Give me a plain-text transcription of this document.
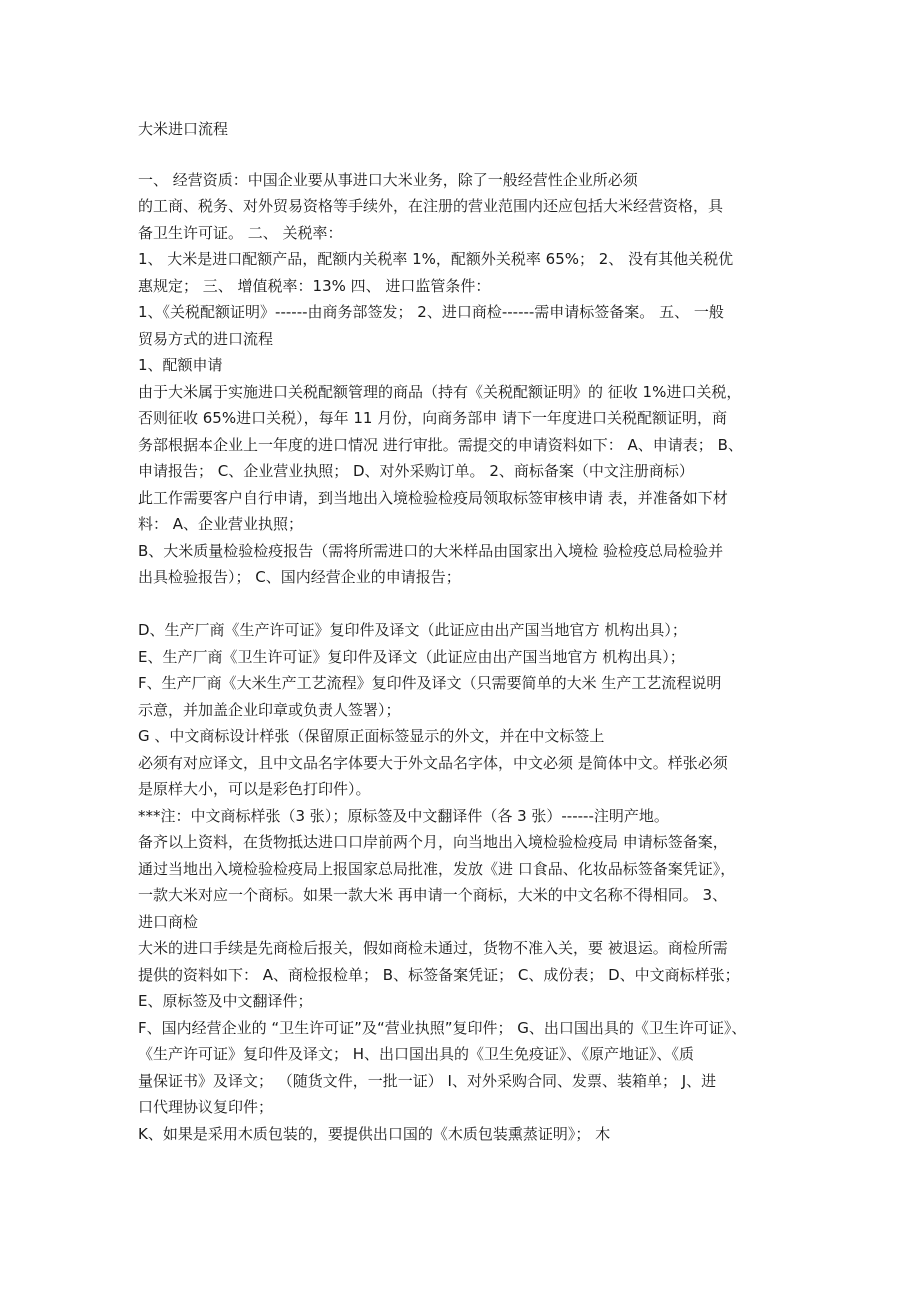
大米进口流程
一、 经营资质：中国企业要从事进口大米业务，除了一般经营性企业所必须
的工商、税务、对外贸易资格等手续外，在注册的营业范围内还应包括大米经营资格，具
备卫生许可证。 二、 关税率：
1、 大米是进口配额产品，配额内关税率 1%，配额外关税率 65%； 2、 没有其他关税优
惠规定； 三、 增值税率：13% 四、 进口监管条件：
1、《关税配额证明》------由商务部签发； 2、进口商检------需申请标签备案。 五、 一般
贸易方式的进口流程
1、配额申请
由于大米属于实施进口关税配额管理的商品（持有《关税配额证明》的 征收 1%进口关税，
否则征收 65%进口关税），每年 11 月份，向商务部申 请下一年度进口关税配额证明，商
务部根据本企业上一年度的进口情况 进行审批。需提交的申请资料如下： A、申请表； B、
申请报告； C、企业营业执照； D、对外采购订单。 2、商标备案（中文注册商标）
此工作需要客户自行申请，到当地出入境检验检疫局领取标签审核申请 表，并准备如下材
料： A、企业营业执照；
B、大米质量检验检疫报告（需将所需进口的大米样品由国家出入境检 验检疫总局检验并
出具检验报告）； C、国内经营企业的申请报告；
D、生产厂商《生产许可证》复印件及译文（此证应由出产国当地官方 机构出具）；
E、生产厂商《卫生许可证》复印件及译文（此证应由出产国当地官方 机构出具）；
F、生产厂商《大米生产工艺流程》复印件及译文（只需要简单的大米 生产工艺流程说明
示意，并加盖企业印章或负责人签署）；
G 、中文商标设计样张（保留原正面标签显示的外文，并在中文标签上
必须有对应译文，且中文品名字体要大于外文品名字体，中文必须 是简体中文。样张必须
是原样大小，可以是彩色打印件）。
***注：中文商标样张（3 张）；原标签及中文翻译件（各 3 张）------注明产地。
备齐以上资料，在货物抵达进口口岸前两个月，向当地出入境检验检疫局 申请标签备案，
通过当地出入境检验检疫局上报国家总局批准，发放《进 口食品、化妆品标签备案凭证》，
一款大米对应一个商标。如果一款大米 再申请一个商标，大米的中文名称不得相同。 3、
进口商检
大米的进口手续是先商检后报关，假如商检未通过，货物不准入关，要 被退运。商检所需
提供的资料如下： A、商检报检单； B、标签备案凭证； C、成份表； D、中文商标样张；
E、原标签及中文翻译件；
F、国内经营企业的 “卫生许可证”及“营业执照”复印件； G、出口国出具的《卫生许可证》、
《生产许可证》复印件及译文； H、出口国出具的《卫生免疫证》、《原产地证》、《质
量保证书》及译文； （随货文件，一批一证） I、对外采购合同、发票、装箱单； J、进
口代理协议复印件；
K、如果是采用木质包装的，要提供出口国的《木质包装熏蒸证明》； 木
